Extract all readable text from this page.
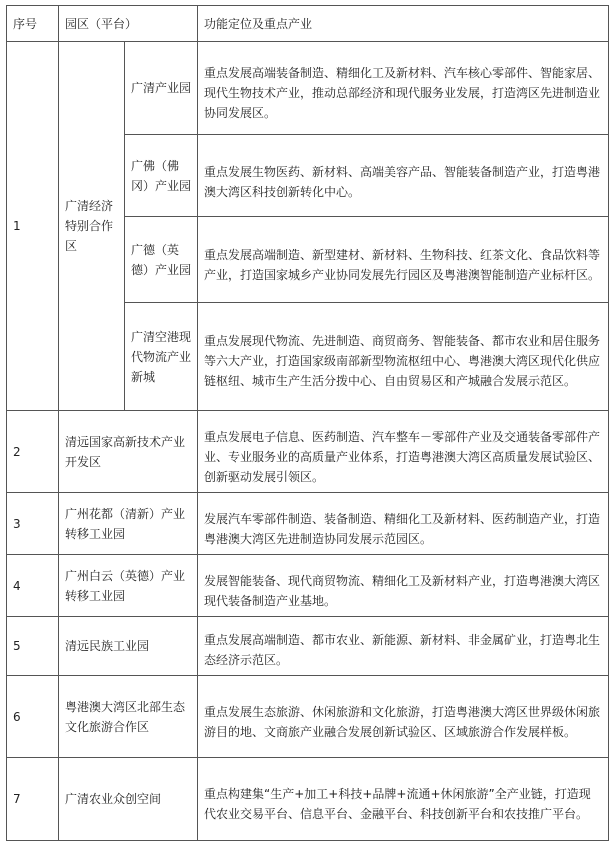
序号	园区（平台）		功能定位及重点产业
1	广清经济特别合作区	广清产业园	重点发展高端装备制造、精细化工及新材料、汽车核心零部件、智能家居、现代生物技术产业，推动总部经济和现代服务业发展，打造湾区先进制造业协同发展区。
		广佛（佛冈）产业园	重点发展生物医药、新材料、高端美容产品、智能装备制造产业，打造粤港澳大湾区科技创新转化中心。
		广德（英德）产业园	重点发展高端制造、新型建材、新材料、生物科技、红茶文化、食品饮料等产业，打造国家城乡产业协同发展先行园区及粤港澳智能制造产业标杆区。
		广清空港现代物流产业新城	重点发展现代物流、先进制造、商贸商务、智能装备、都市农业和居住服务等六大产业，打造国家级南部新型物流枢纽中心、粤港澳大湾区现代化供应链枢纽、城市生产生活分拨中心、自由贸易区和产城融合发展示范区。
2	清远国家高新技术产业开发区		重点发展电子信息、医药制造、汽车整车－零部件产业及交通装备零部件产业、专业服务业的高质量产业体系，打造粤港澳大湾区高质量发展试验区、创新驱动发展引领区。
3	广州花都（清新）产业转移工业园		发展汽车零部件制造、装备制造、精细化工及新材料、医药制造产业，打造粤港澳大湾区先进制造协同发展示范园区。
4	广州白云（英德）产业转移工业园		发展智能装备、现代商贸物流、精细化工及新材料产业，打造粤港澳大湾区现代装备制造产业基地。
5	清远民族工业园		重点发展高端制造、都市农业、新能源、新材料、非金属矿业，打造粤北生态经济示范区。
6	粤港澳大湾区北部生态文化旅游合作区		重点发展生态旅游、休闲旅游和文化旅游，打造粤港澳大湾区世界级休闲旅游目的地、文商旅产业融合发展创新试验区、区域旅游合作发展样板。
7	广清农业众创空间		重点构建集“生产+加工+科技+品牌+流通+休闲旅游”全产业链，打造现代农业交易平台、信息平台、金融平台、科技创新平台和农技推广平台。
